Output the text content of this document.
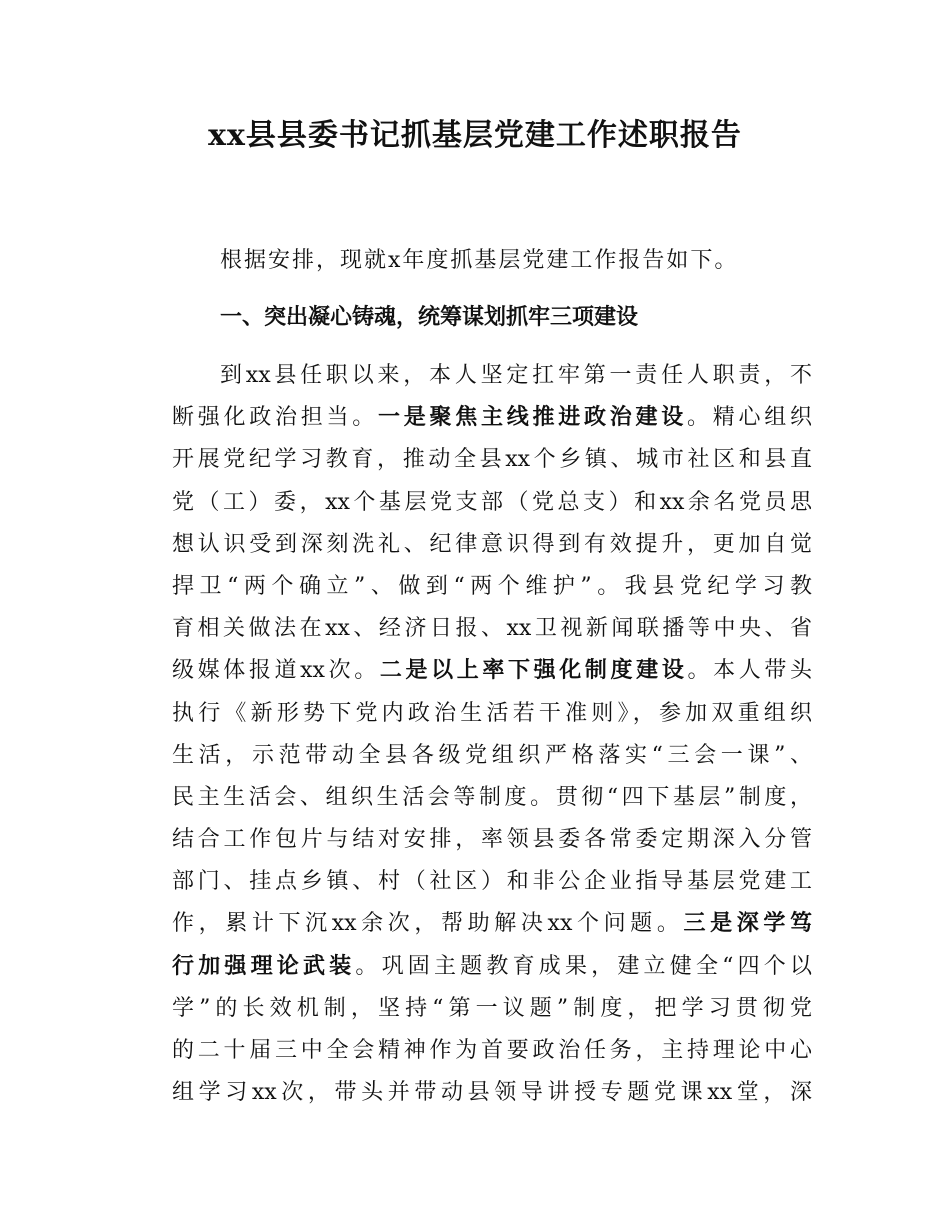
xx县县委书记抓基层党建工作述职报告

根据安排，现就x年度抓基层党建工作报告如下。

一、突出凝心铸魂，统筹谋划抓牢三项建设
到xx县任职以来，本人坚定扛牢第一责任人职责，不
断强化政治担当。一是聚焦主线推进政治建设。精心组织
开展党纪学习教育，推动全县xx个乡镇、城市社区和县直
党（工）委，xx个基层党支部（党总支）和xx余名党员思
想认识受到深刻洗礼、纪律意识得到有效提升，更加自觉
捍卫“两个确立”、做到“两个维护”。我县党纪学习教
育相关做法在xx、经济日报、xx卫视新闻联播等中央、省
级媒体报道xx次。二是以上率下强化制度建设。本人带头
执行《新形势下党内政治生活若干准则》，参加双重组织
生活，示范带动全县各级党组织严格落实“三会一课”、
民主生活会、组织生活会等制度。贯彻“四下基层”制度，
结合工作包片与结对安排，率领县委各常委定期深入分管
部门、挂点乡镇、村（社区）和非公企业指导基层党建工
作，累计下沉xx余次，帮助解决xx个问题。三是深学笃
行加强理论武装。巩固主题教育成果，建立健全“四个以
学”的长效机制，坚持“第一议题”制度，把学习贯彻党
的二十届三中全会精神作为首要政治任务，主持理论中心
组学习xx次，带头并带动县领导讲授专题党课xx堂，深
